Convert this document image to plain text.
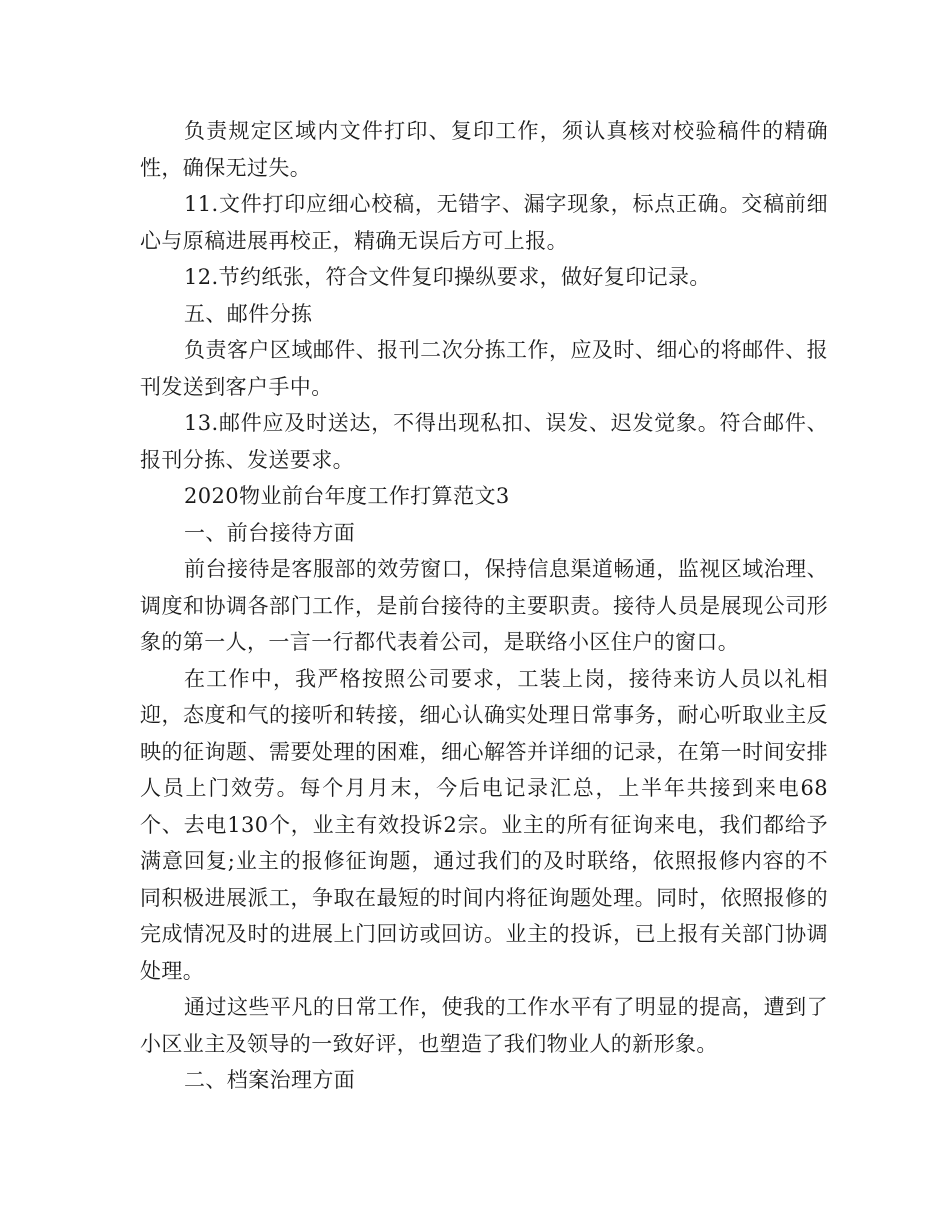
负责规定区域内文件打印、复印工作，须认真核对校验稿件的精确性，确保无过失。

11.文件打印应细心校稿，无错字、漏字现象，标点正确。交稿前细心与原稿进展再校正，精确无误后方可上报。

12.节约纸张，符合文件复印操纵要求，做好复印记录。

五、邮件分拣

负责客户区域邮件、报刊二次分拣工作，应及时、细心的将邮件、报刊发送到客户手中。

13.邮件应及时送达，不得出现私扣、误发、迟发觉象。符合邮件、报刊分拣、发送要求。

2020物业前台年度工作打算范文3

一、前台接待方面

前台接待是客服部的效劳窗口，保持信息渠道畅通，监视区域治理、调度和协调各部门工作，是前台接待的主要职责。接待人员是展现公司形象的第一人，一言一行都代表着公司，是联络小区住户的窗口。

在工作中，我严格按照公司要求，工装上岗，接待来访人员以礼相迎，态度和气的接听和转接，细心认确实处理日常事务，耐心听取业主反映的征询题、需要处理的困难，细心解答并详细的记录，在第一时间安排人员上门效劳。每个月月末，今后电记录汇总，上半年共接到来电68个、去电130个，业主有效投诉2宗。业主的所有征询来电，我们都给予满意回复;业主的报修征询题，通过我们的及时联络，依照报修内容的不同积极进展派工，争取在最短的时间内将征询题处理。同时，依照报修的完成情况及时的进展上门回访或回访。业主的投诉，已上报有关部门协调处理。

通过这些平凡的日常工作，使我的工作水平有了明显的提高，遭到了小区业主及领导的一致好评，也塑造了我们物业人的新形象。

二、档案治理方面
